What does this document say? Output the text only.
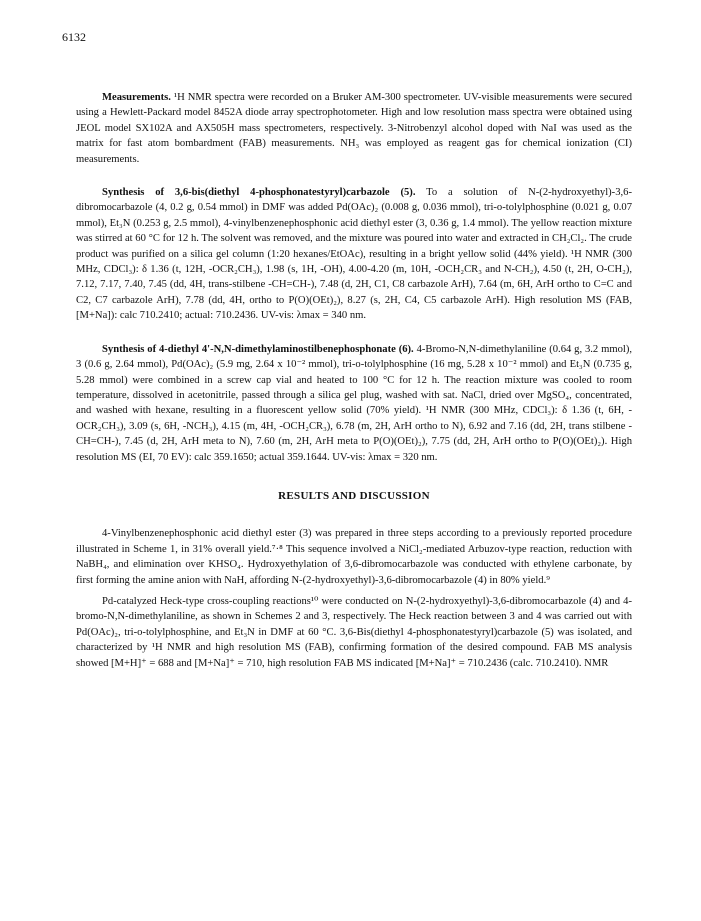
6132

Measurements. ¹H NMR spectra were recorded on a Bruker AM-300 spectrometer. UV-visible measurements were secured using a Hewlett-Packard model 8452A diode array spectrophotometer. High and low resolution mass spectra were obtained using JEOL model SX102A and AX505H mass spectrometers, respectively. 3-Nitrobenzyl alcohol doped with NaI was used as the matrix for fast atom bombardment (FAB) measurements. NH₃ was employed as reagent gas for chemical ionization (CI) measurements.

Synthesis of 3,6-bis(diethyl 4-phosphonatestyryl)carbazole (5). To a solution of N-(2-hydroxyethyl)-3,6-dibromocarbazole (4, 0.2 g, 0.54 mmol) in DMF was added Pd(OAc)₂ (0.008 g, 0.036 mmol), tri-o-tolylphosphine (0.021 g, 0.07 mmol), Et₃N (0.253 g, 2.5 mmol), 4-vinylbenzenephosphonic acid diethyl ester (3, 0.36 g, 1.4 mmol). The yellow reaction mixture was stirred at 60 °C for 12 h. The solvent was removed, and the mixture was poured into water and extracted in CH₂Cl₂. The crude product was purified on a silica gel column (1:20 hexanes/EtOAc), resulting in a bright yellow solid (44% yield). ¹H NMR (300 MHz, CDCl₃): δ 1.36 (t, 12H, -OCR₂CH₃), 1.98 (s, 1H, -OH), 4.00-4.20 (m, 10H, -OCH₂CR₃ and N-CH₂), 4.50 (t, 2H, O-CH₂), 7.12, 7.17, 7.40, 7.45 (dd, 4H, trans-stilbene -CH=CH-), 7.48 (d, 2H, C1, C8 carbazole ArH), 7.64 (m, 6H, ArH ortho to C=C and C2, C7 carbazole ArH), 7.78 (dd, 4H, ortho to P(O)(OEt)₂), 8.27 (s, 2H, C4, C5 carbazole ArH). High resolution MS (FAB, [M+Na]): calc 710.2410; actual: 710.2436. UV-vis: λmax = 340 nm.

Synthesis of 4-diethyl 4'-N,N-dimethylaminostilbenephosphonate (6). 4-Bromo-N,N-dimethylaniline (0.64 g, 3.2 mmol), 3 (0.6 g, 2.64 mmol), Pd(OAc)₂ (5.9 mg, 2.64 x 10⁻² mmol), tri-o-tolylphosphine (16 mg, 5.28 x 10⁻² mmol) and Et₃N (0.735 g, 5.28 mmol) were combined in a screw cap vial and heated to 100 °C for 12 h. The reaction mixture was cooled to room temperature, dissolved in acetonitrile, passed through a silica gel plug, washed with sat. NaCl, dried over MgSO₄, concentrated, and washed with hexane, resulting in a fluorescent yellow solid (70% yield). ¹H NMR (300 MHz, CDCl₃): δ 1.36 (t, 6H, -OCR₂CH₃), 3.09 (s, 6H, -NCH₃), 4.15 (m, 4H, -OCH₂CR₃), 6.78 (m, 2H, ArH ortho to N), 6.92 and 7.16 (dd, 2H, trans stilbene -CH=CH-), 7.45 (d, 2H, ArH meta to N), 7.60 (m, 2H, ArH meta to P(O)(OEt)₂), 7.75 (dd, 2H, ArH ortho to P(O)(OEt)₂). High resolution MS (EI, 70 EV): calc 359.1650; actual 359.1644. UV-vis: λmax = 320 nm.

RESULTS AND DISCUSSION

4-Vinylbenzenephosphonic acid diethyl ester (3) was prepared in three steps according to a previously reported procedure illustrated in Scheme 1, in 31% overall yield.⁷·⁸ This sequence involved a NiCl₂-mediated Arbuzov-type reaction, reduction with NaBH₄, and elimination over KHSO₄. Hydroxyethylation of 3,6-dibromocarbazole was conducted with ethylene carbonate, by first forming the amine anion with NaH, affording N-(2-hydroxyethyl)-3,6-dibromocarbazole (4) in 80% yield.⁹

Pd-catalyzed Heck-type cross-coupling reactions¹⁰ were conducted on N-(2-hydroxyethyl)-3,6-dibromocarbazole (4) and 4-bromo-N,N-dimethylaniline, as shown in Schemes 2 and 3, respectively. The Heck reaction between 3 and 4 was carried out with Pd(OAc)₂, tri-o-tolylphosphine, and Et₃N in DMF at 60 °C. 3,6-Bis(diethyl 4-phosphonatestyryl)carbazole (5) was isolated, and characterized by ¹H NMR and high resolution MS (FAB), confirming formation of the desired compound. FAB MS analysis showed [M+H]⁺ = 688 and [M+Na]⁺ = 710, high resolution FAB MS indicated [M+Na]⁺ = 710.2436 (calc. 710.2410). NMR
